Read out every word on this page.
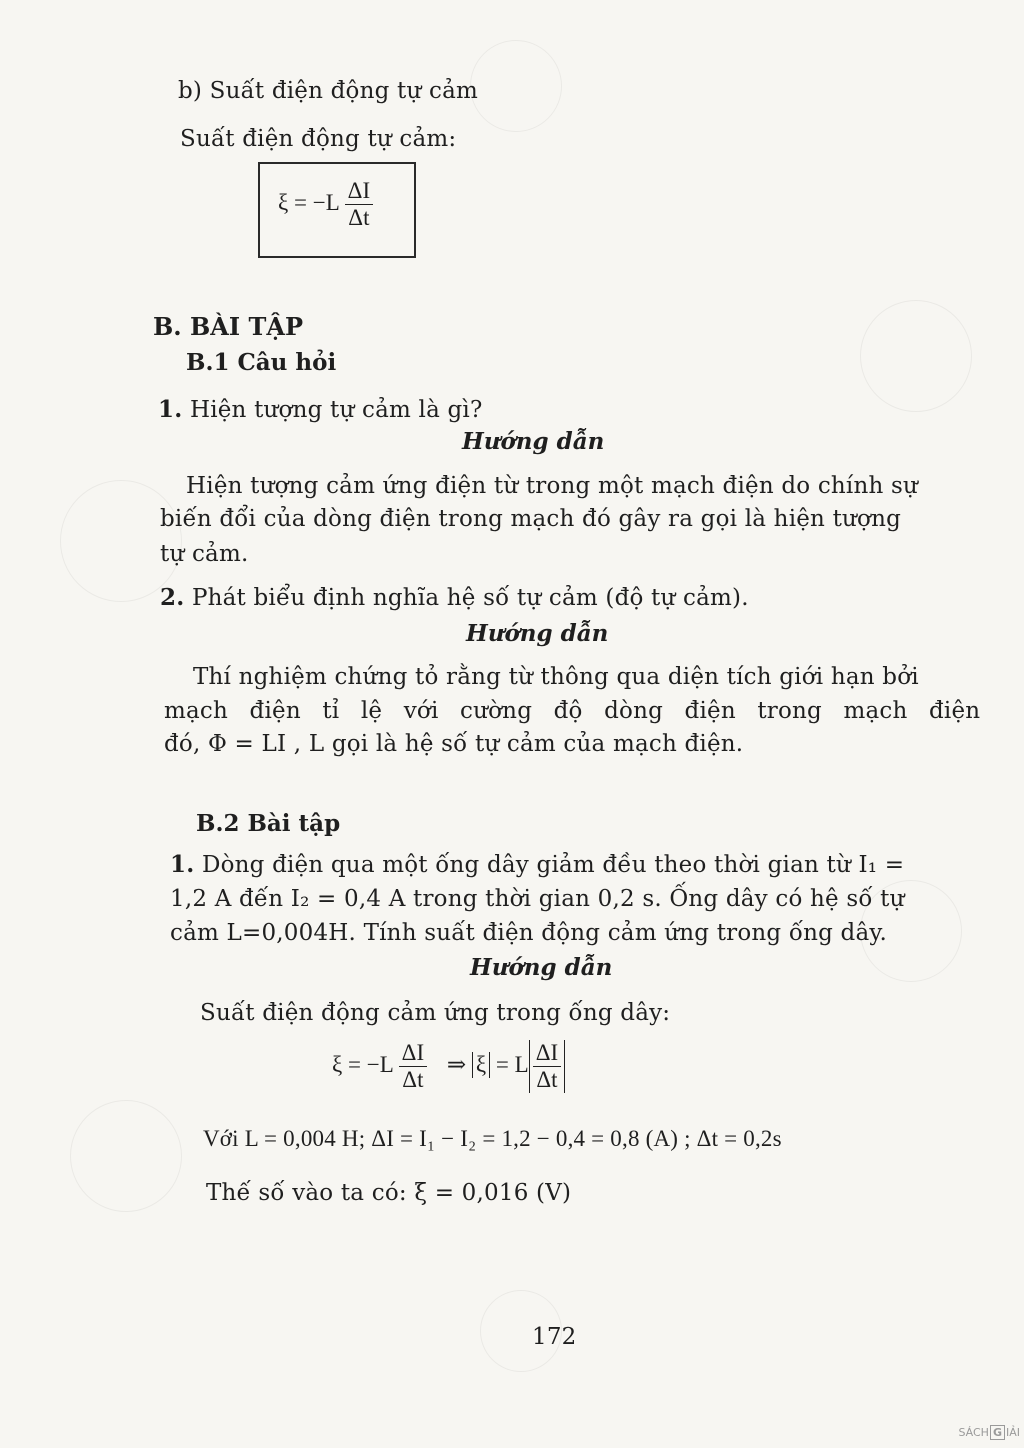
b) Suất điện động tự cảm
Suất điện động tự cảm:
$\xi = -L \frac{\Delta I}{\Delta t}$
B. BÀI TẬP
B.1 Câu hỏi
1. Hiện tượng tự cảm là gì?
Hướng dẫn
Hiện tượng cảm ứng điện từ trong một mạch điện do chính sự
biến đổi của dòng điện trong mạch đó gây ra gọi là hiện tượng
tự cảm.
2. Phát biểu định nghĩa hệ số tự cảm (độ tự cảm).
Hướng dẫn
Thí nghiệm chứng tỏ rằng từ thông qua diện tích giới hạn bởi
mạch điện tỉ lệ với cường độ dòng điện trong mạch điện
đó, Φ = LI , L gọi là hệ số tự cảm của mạch điện.
B.2 Bài tập
1. Dòng điện qua một ống dây giảm đều theo thời gian từ I₁ =
1,2 A đến I₂ = 0,4 A trong thời gian 0,2 s. Ống dây có hệ số tự
cảm L=0,004H. Tính suất điện động cảm ứng trong ống dây.
Hướng dẫn
Suất điện động cảm ứng trong ống dây:
$\xi = -L \frac{\Delta I}{\Delta t}$ ⇒ ξ = L $\frac{\Delta I}{\Delta t}$
Với L = 0,004 H; ΔI = I₁ − I₂ = 1,2 − 0,4 = 0,8 (A) ; Δt = 0,2s
Thế số vào ta có: ξ = 0,016 (V)
172
SÁCH G IẢI
